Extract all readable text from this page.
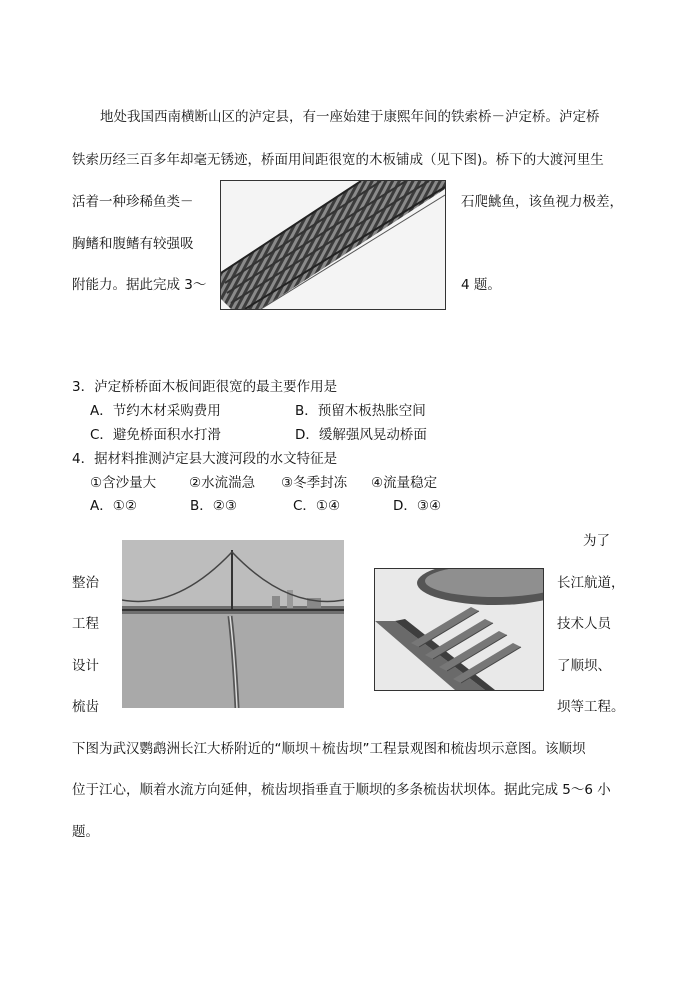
地处我国西南横断山区的泸定县，有一座始建于康熙年间的铁索桥－泸定桥。泸定桥
铁索历经三百多年却毫无锈迹，桥面用间距很宽的木板铺成（见下图)。桥下的大渡河里生
活着一种珍稀鱼类－	石爬鮡鱼，该鱼视力极差，
胸鳍和腹鳍有较强吸
附能力。据此完成 3～	4 题。
3．泸定桥桥面木板间距很宽的最主要作用是
A．节约木材采购费用	B．预留木板热胀空间
C．避免桥面积水打滑	D．缓解强风晃动桥面
4．据材料推测泸定县大渡河段的水文特征是
①含沙量大 ②水流湍急 ③冬季封冻 ④流量稳定
A．①②	B．②③	C．①④	D．③④
为了
整治	长江航道，
工程	技术人员
设计	了顺坝、
梳齿	坝等工程。
下图为武汉鹦鹉洲长江大桥附近的“顺坝＋梳齿坝”工程景观图和梳齿坝示意图。该顺坝
位于江心，顺着水流方向延伸，梳齿坝指垂直于顺坝的多条梳齿状坝体。据此完成 5～6 小
题。
